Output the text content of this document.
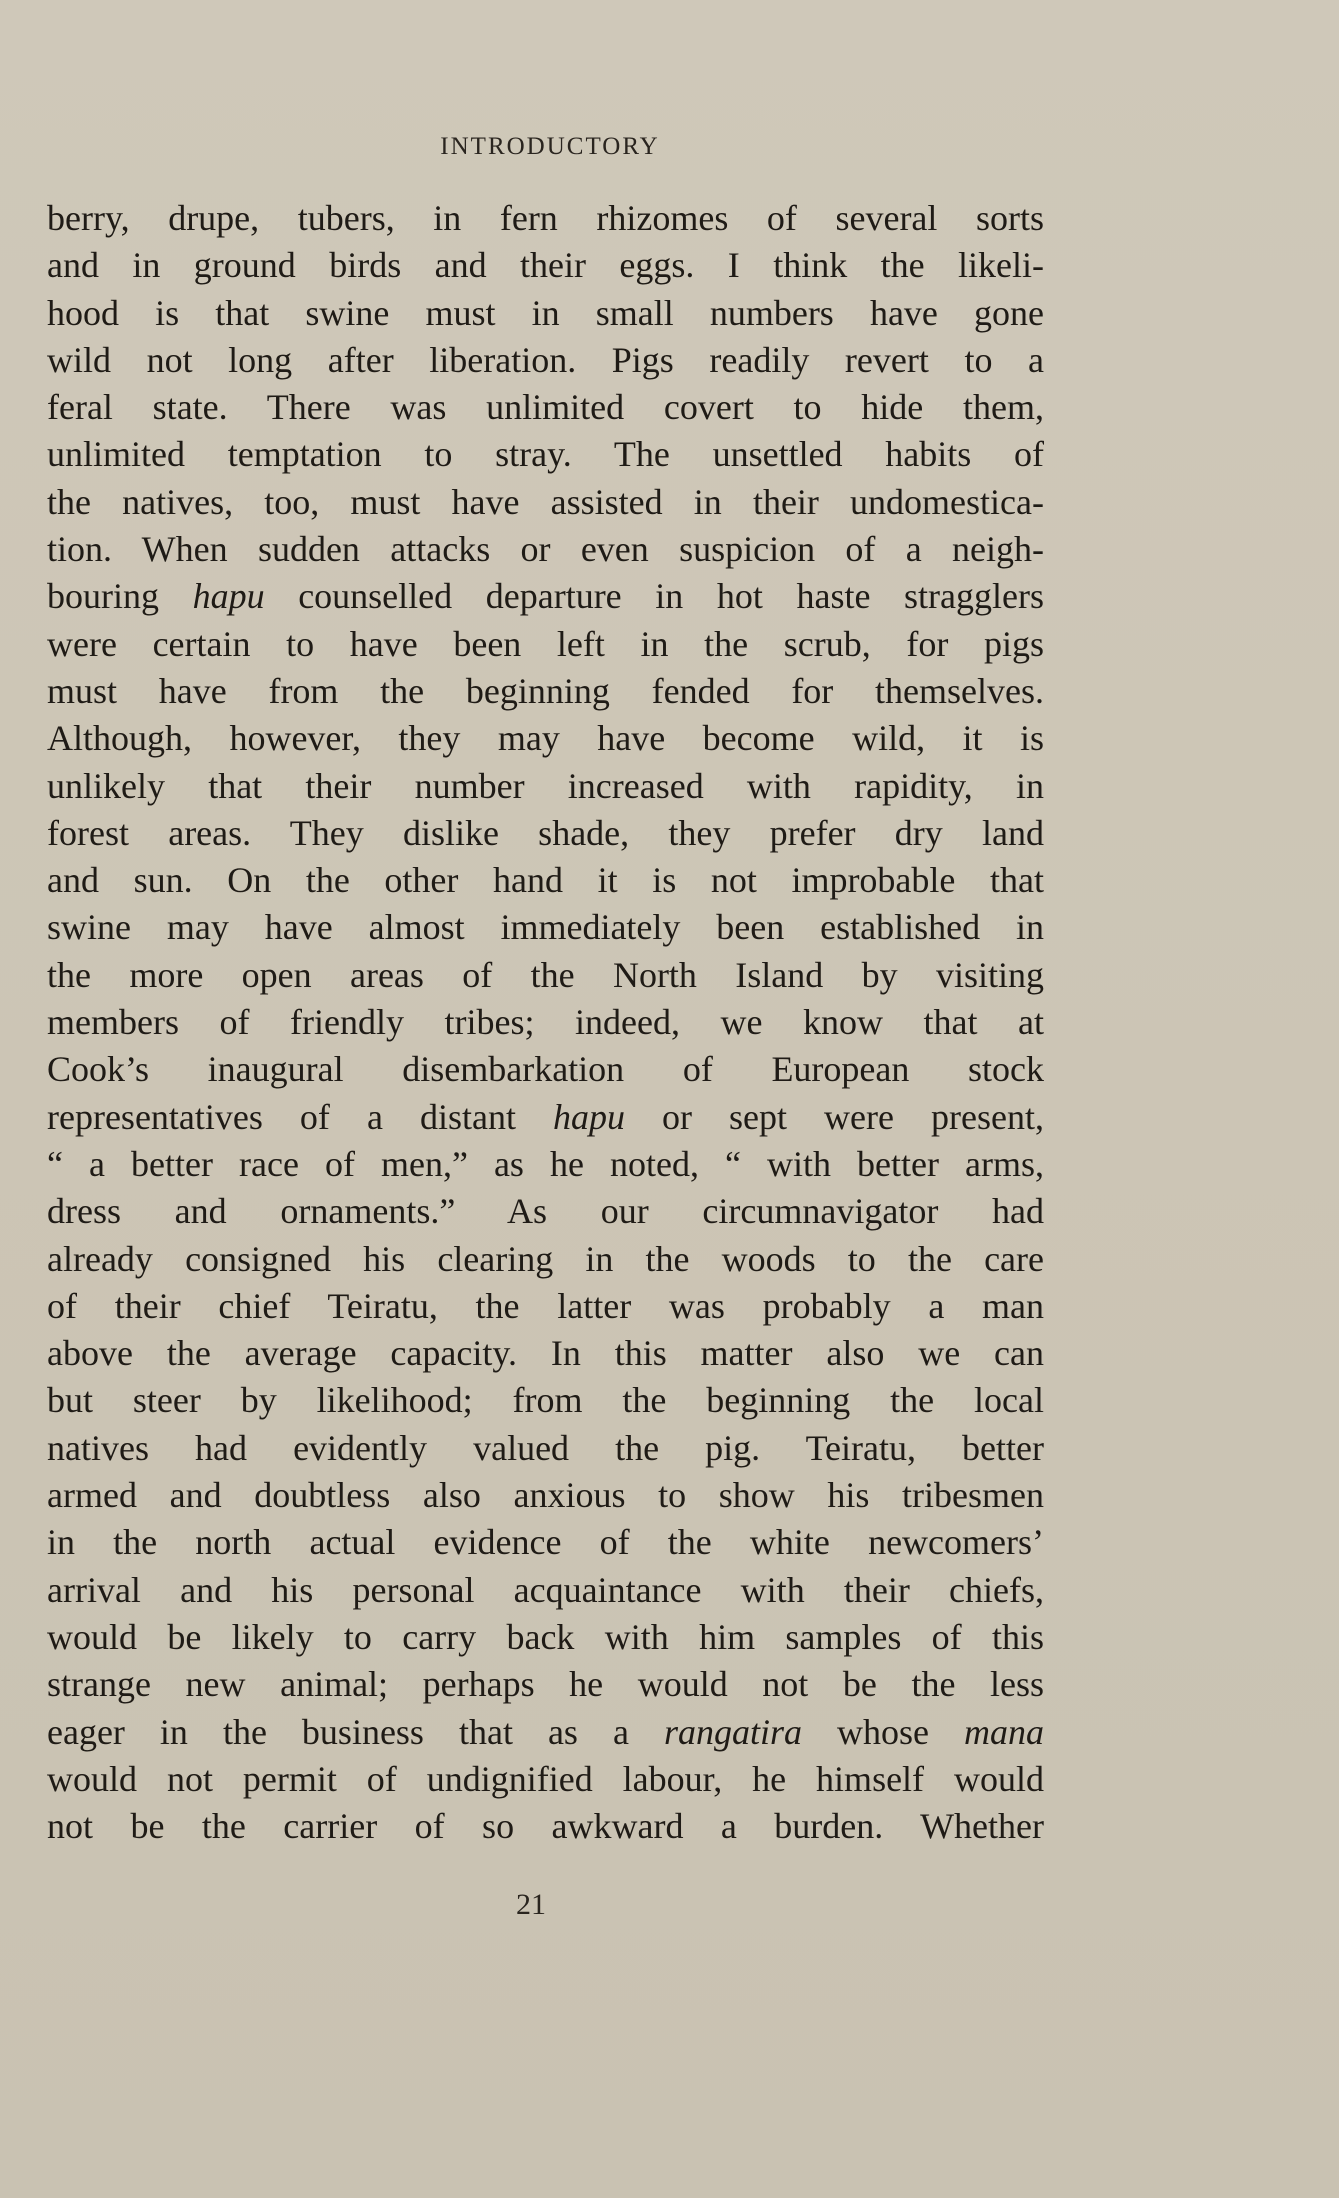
INTRODUCTORY
berry, drupe, tubers, in fern rhizomes of several sorts
and in ground birds and their eggs. I think the likeli-
hood is that swine must in small numbers have gone
wild not long after liberation. Pigs readily revert to a
feral state. There was unlimited covert to hide them,
unlimited temptation to stray. The unsettled habits of
the natives, too, must have assisted in their undomestica-
tion. When sudden attacks or even suspicion of a neigh-
bouring hapu counselled departure in hot haste stragglers
were certain to have been left in the scrub, for pigs
must have from the beginning fended for themselves.
Although, however, they may have become wild, it is
unlikely that their number increased with rapidity, in
forest areas. They dislike shade, they prefer dry land
and sun. On the other hand it is not improbable that
swine may have almost immediately been established in
the more open areas of the North Island by visiting
members of friendly tribes; indeed, we know that at
Cook’s inaugural disembarkation of European stock
representatives of a distant hapu or sept were present,
“ a better race of men,” as he noted, “ with better arms,
dress and ornaments.” As our circumnavigator had
already consigned his clearing in the woods to the care
of their chief Teiratu, the latter was probably a man
above the average capacity. In this matter also we can
but steer by likelihood; from the beginning the local
natives had evidently valued the pig. Teiratu, better
armed and doubtless also anxious to show his tribesmen
in the north actual evidence of the white newcomers’
arrival and his personal acquaintance with their chiefs,
would be likely to carry back with him samples of this
strange new animal; perhaps he would not be the less
eager in the business that as a rangatira whose mana
would not permit of undignified labour, he himself would
not be the carrier of so awkward a burden. Whether
21
